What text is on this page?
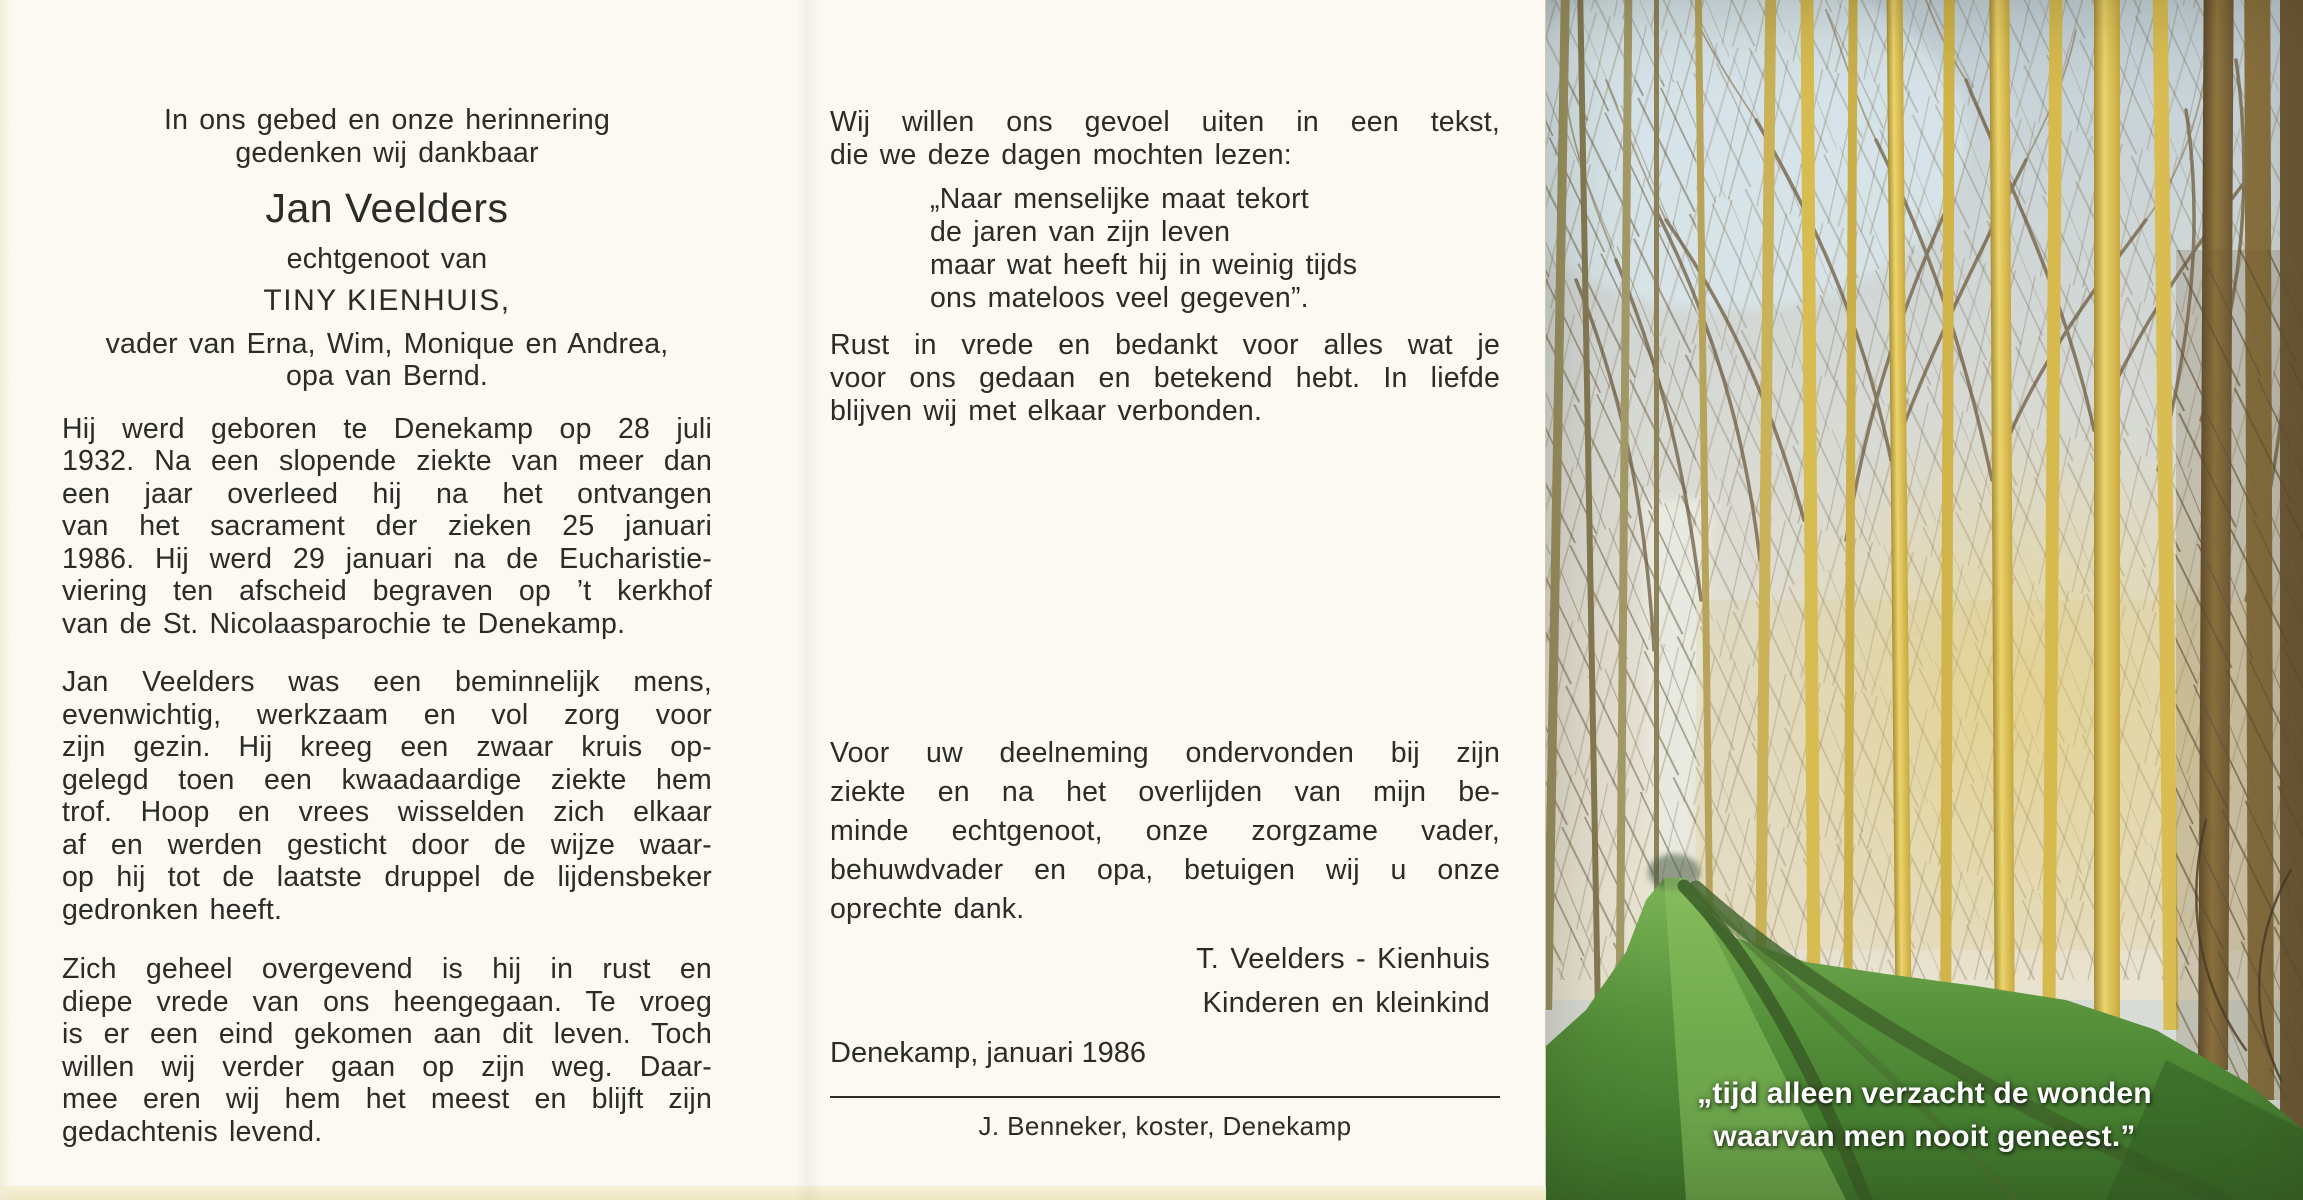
In ons gebed en onze herinnering
gedenken wij dankbaar
Jan Veelders
echtgenoot van
TINY KIENHUIS,
vader van Erna, Wim, Monique en Andrea,
opa van Bernd.
Hij werd geboren te Denekamp op 28 juli
1932. Na een slopende ziekte van meer dan
een jaar overleed hij na het ontvangen
van het sacrament der zieken 25 januari
1986. Hij werd 29 januari na de Eucharistie-
viering ten afscheid begraven op ’t kerkhof
van de St. Nicolaasparochie te Denekamp.
Jan Veelders was een beminnelijk mens,
evenwichtig, werkzaam en vol zorg voor
zijn gezin. Hij kreeg een zwaar kruis op-
gelegd toen een kwaadaardige ziekte hem
trof. Hoop en vrees wisselden zich elkaar
af en werden gesticht door de wijze waar-
op hij tot de laatste druppel de lijdensbeker
gedronken heeft.
Zich geheel overgevend is hij in rust en
diepe vrede van ons heengegaan. Te vroeg
is er een eind gekomen aan dit leven. Toch
willen wij verder gaan op zijn weg. Daar-
mee eren wij hem het meest en blijft zijn
gedachtenis levend.
Wij willen ons gevoel uiten in een tekst,
die we deze dagen mochten lezen:
„Naar menselijke maat tekort
de jaren van zijn leven
maar wat heeft hij in weinig tijds
ons mateloos veel gegeven”.
Rust in vrede en bedankt voor alles wat je
voor ons gedaan en betekend hebt. In liefde
blijven wij met elkaar verbonden.
Voor uw deelneming ondervonden bij zijn
ziekte en na het overlijden van mijn be-
minde echtgenoot, onze zorgzame vader,
behuwdvader en opa, betuigen wij u onze
oprechte dank.
T. Veelders - Kienhuis
Kinderen en kleinkind
Denekamp, januari 1986
J. Benneker, koster, Denekamp
„tijd alleen verzacht de wonden
waarvan men nooit geneest.”
